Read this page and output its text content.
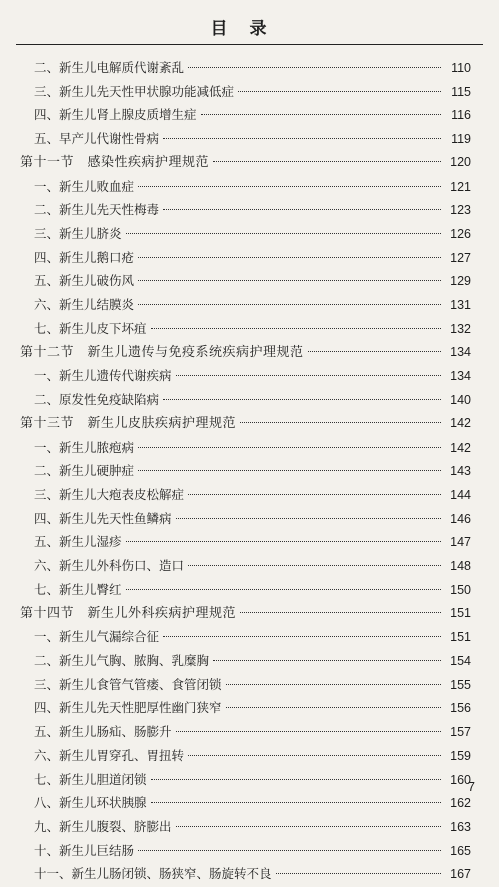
目录
二、新生儿电解质代谢紊乱	110
三、新生儿先天性甲状腺功能减低症	115
四、新生儿肾上腺皮质增生症	116
五、早产儿代谢性骨病	119
第十一节　感染性疾病护理规范	120
一、新生儿败血症	121
二、新生儿先天性梅毒	123
三、新生儿脐炎	126
四、新生儿鹅口疮	127
五、新生儿破伤风	129
六、新生儿结膜炎	131
七、新生儿皮下坏疽	132
第十二节　新生儿遗传与免疫系统疾病护理规范	134
一、新生儿遗传代谢疾病	134
二、原发性免疫缺陷病	140
第十三节　新生儿皮肤疾病护理规范	142
一、新生儿脓疱病	142
二、新生儿硬肿症	143
三、新生儿大疱表皮松解症	144
四、新生儿先天性鱼鳞病	146
五、新生儿湿疹	147
六、新生儿外科伤口、造口	148
七、新生儿臀红	150
第十四节　新生儿外科疾病护理规范	151
一、新生儿气漏综合征	151
二、新生儿气胸、脓胸、乳糜胸	154
三、新生儿食管气管瘘、食管闭锁	155
四、新生儿先天性肥厚性幽门狭窄	156
五、新生儿肠疝、肠膨升	157
六、新生儿胃穿孔、胃扭转	159
七、新生儿胆道闭锁	160
八、新生儿环状胰腺	162
九、新生儿腹裂、脐膨出	163
十、新生儿巨结肠	165
十一、新生儿肠闭锁、肠狭窄、肠旋转不良	167
7
